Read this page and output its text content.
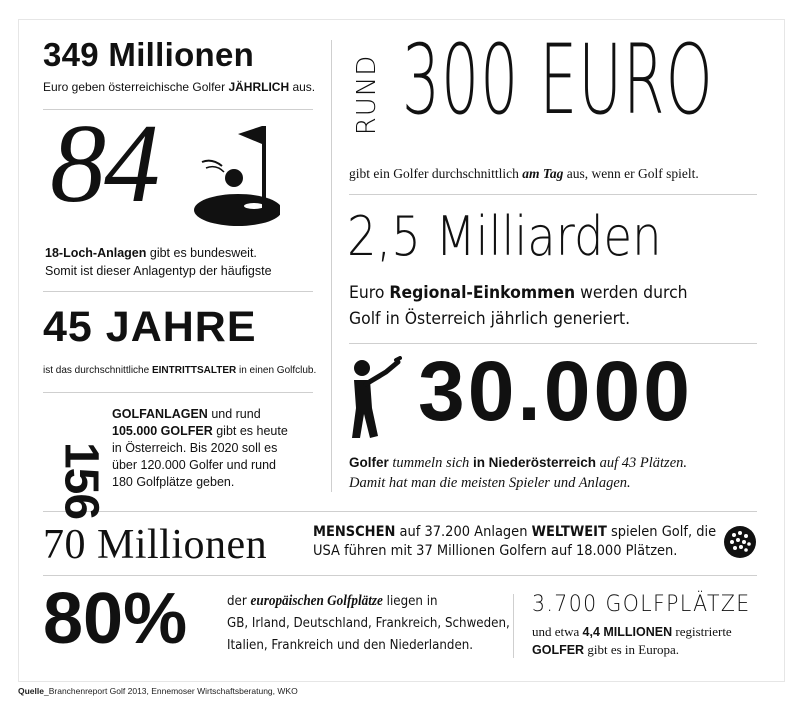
349 Millionen
Euro geben österreichische Golfer JÄHRLICH aus.
84
18-Loch-Anlagen gibt es bundesweit.
Somit ist dieser Anlagentyp der häufigste
45 JAHRE
ist das durchschnittliche EINTRITTSALTER in einen Golfclub.
156
GOLFANLAGEN und rund
105.000 GOLFER gibt es heute
in Österreich. Bis 2020 soll es
über 120.000 Golfer und rund
180 Golfplätze geben.
RUND 300 EURO
gibt ein Golfer durchschnittlich am Tag aus, wenn er Golf spielt.
2,5 Milliarden
Euro Regional-Einkommen werden durch
Golf in Österreich jährlich generiert.
30.000
Golfer tummeln sich in Niederösterreich auf 43 Plätzen.
Damit hat man die meisten Spieler und Anlagen.
70 Millionen	MENSCHEN auf 37.200 Anlagen WELTWEIT spielen Golf, die
USA führen mit 37 Millionen Golfern auf 18.000 Plätzen.
80%	der europäischen Golfplätze liegen in
GB, Irland, Deutschland, Frankreich, Schweden,
Italien, Frankreich und den Niederlanden.
3.700 GOLFPLÄTZE
und etwa 4,4 MILLIONEN registrierte
GOLFER gibt es in Europa.
Quelle_Branchenreport Golf 2013, Ennemoser Wirtschaftsberatung, WKO
